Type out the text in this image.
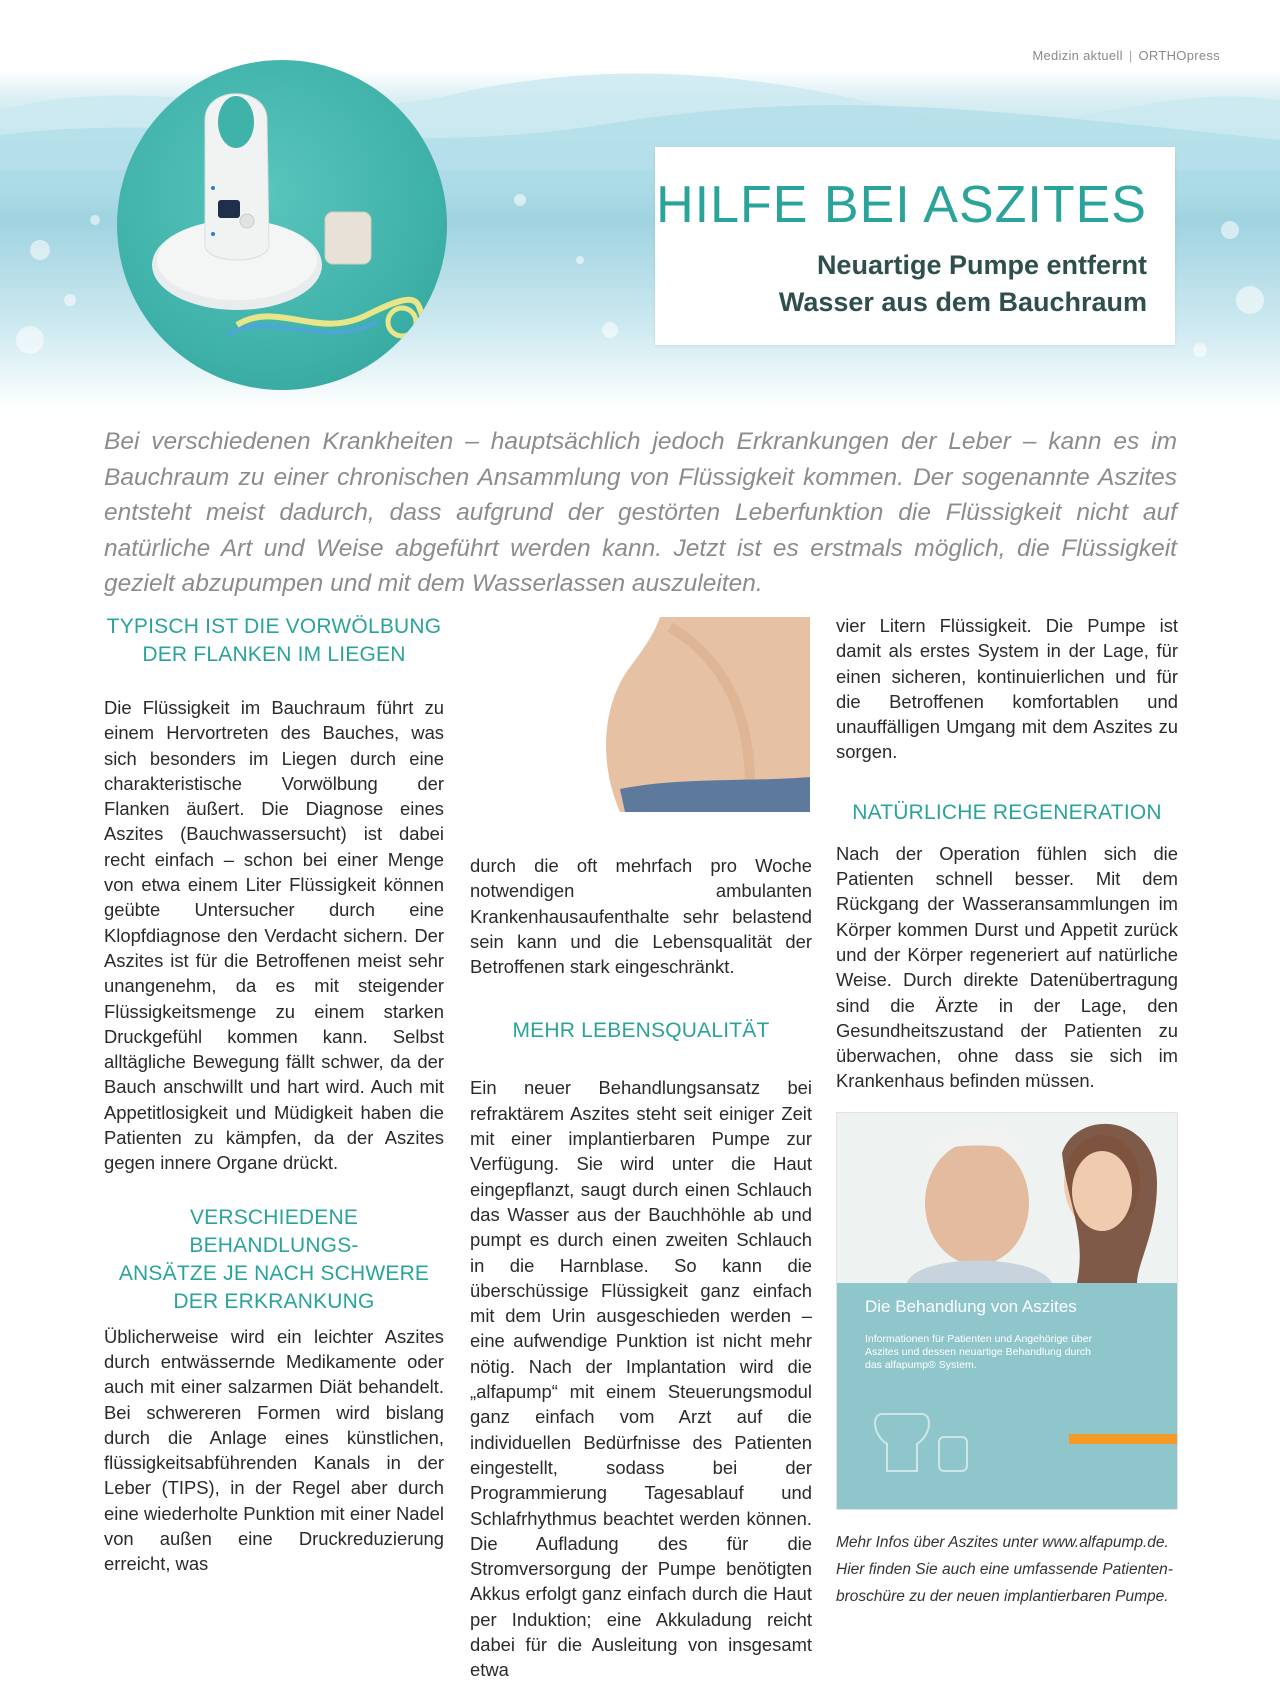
Medizin aktuell | ORTHOpress
HILFE BEI ASZITES
Neuartige Pumpe entfernt
Wasser aus dem Bauchraum

Bei verschiedenen Krankheiten – hauptsächlich jedoch Erkrankungen der Leber – kann es im Bauchraum zu einer chronischen Ansammlung von Flüssigkeit kommen. Der sogenannte Aszites entsteht meist dadurch, dass aufgrund der gestörten Leberfunktion die Flüssigkeit nicht auf natürliche Art und Weise abgeführt werden kann. Jetzt ist es erstmals möglich, die Flüssigkeit gezielt abzupumpen und mit dem Wasserlassen auszuleiten.

TYPISCH IST DIE VORWÖLBUNG
DER FLANKEN IM LIEGEN

Die Flüssigkeit im Bauchraum führt zu einem Hervortreten des Bauches, was sich besonders im Liegen durch eine charakteristische Vorwölbung der Flanken äußert. Die Diagnose eines Aszites (Bauchwassersucht) ist dabei recht einfach – schon bei einer Menge von etwa einem Liter Flüssigkeit können geübte Untersucher durch eine Klopfdiagnose den Verdacht sichern. Der Aszites ist für die Betroffenen meist sehr unangenehm, da es mit steigender Flüssigkeitsmenge zu einem starken Druckgefühl kommen kann. Selbst alltägliche Bewegung fällt schwer, da der Bauch anschwillt und hart wird. Auch mit Appetitlosigkeit und Müdigkeit haben die Patienten zu kämpfen, da der Aszites gegen innere Organe drückt.

VERSCHIEDENE BEHANDLUNGS-
ANSÄTZE JE NACH SCHWERE
DER ERKRANKUNG

Üblicherweise wird ein leichter Aszites durch entwässernde Medikamente oder auch mit einer salzarmen Diät behandelt. Bei schwereren Formen wird bislang durch die Anlage eines künstlichen, flüssigkeitsabführenden Kanals in der Leber (TIPS), in der Regel aber durch eine wiederholte Punktion mit einer Nadel von außen eine Druckreduzierung erreicht, was

durch die oft mehrfach pro Woche notwendigen ambulanten Krankenhausaufenthalte sehr belastend sein kann und die Lebensqualität der Betroffenen stark eingeschränkt.

MEHR LEBENSQUALITÄT

Ein neuer Behandlungsansatz bei refraktärem Aszites steht seit einiger Zeit mit einer implantierbaren Pumpe zur Verfügung. Sie wird unter die Haut eingepflanzt, saugt durch einen Schlauch das Wasser aus der Bauchhöhle ab und pumpt es durch einen zweiten Schlauch in die Harnblase. So kann die überschüssige Flüssigkeit ganz einfach mit dem Urin ausgeschieden werden – eine aufwendige Punktion ist nicht mehr nötig. Nach der Implantation wird die „alfapump“ mit einem Steuerungsmodul ganz einfach vom Arzt auf die individuellen Bedürfnisse des Patienten eingestellt, sodass bei der Programmierung Tagesablauf und Schlafrhythmus beachtet werden können. Die Aufladung des für die Stromversorgung der Pumpe benötigten Akkus erfolgt ganz einfach durch die Haut per Induktion; eine Akkuladung reicht dabei für die Ausleitung von insgesamt etwa

vier Litern Flüssigkeit. Die Pumpe ist damit als erstes System in der Lage, für einen sicheren, kontinuierlichen und für die Betroffenen komfortablen und unauffälligen Umgang mit dem Aszites zu sorgen.

NATÜRLICHE REGENERATION

Nach der Operation fühlen sich die Patienten schnell besser. Mit dem Rückgang der Wasseransammlungen im Körper kommen Durst und Appetit zurück und der Körper regeneriert auf natürliche Weise. Durch direkte Datenübertragung sind die Ärzte in der Lage, den Gesundheitszustand der Patienten zu überwachen, ohne dass sie sich im Krankenhaus befinden müssen.

Die Behandlung von Aszites
Informationen für Patienten und Angehörige über Aszites und dessen neuartige Behandlung durch das alfapump® System.
Mehr Infos über Aszites unter www.alfapump.de.
Hier finden Sie auch eine umfassende Patienten-
broschüre zu der neuen implantierbaren Pumpe.
